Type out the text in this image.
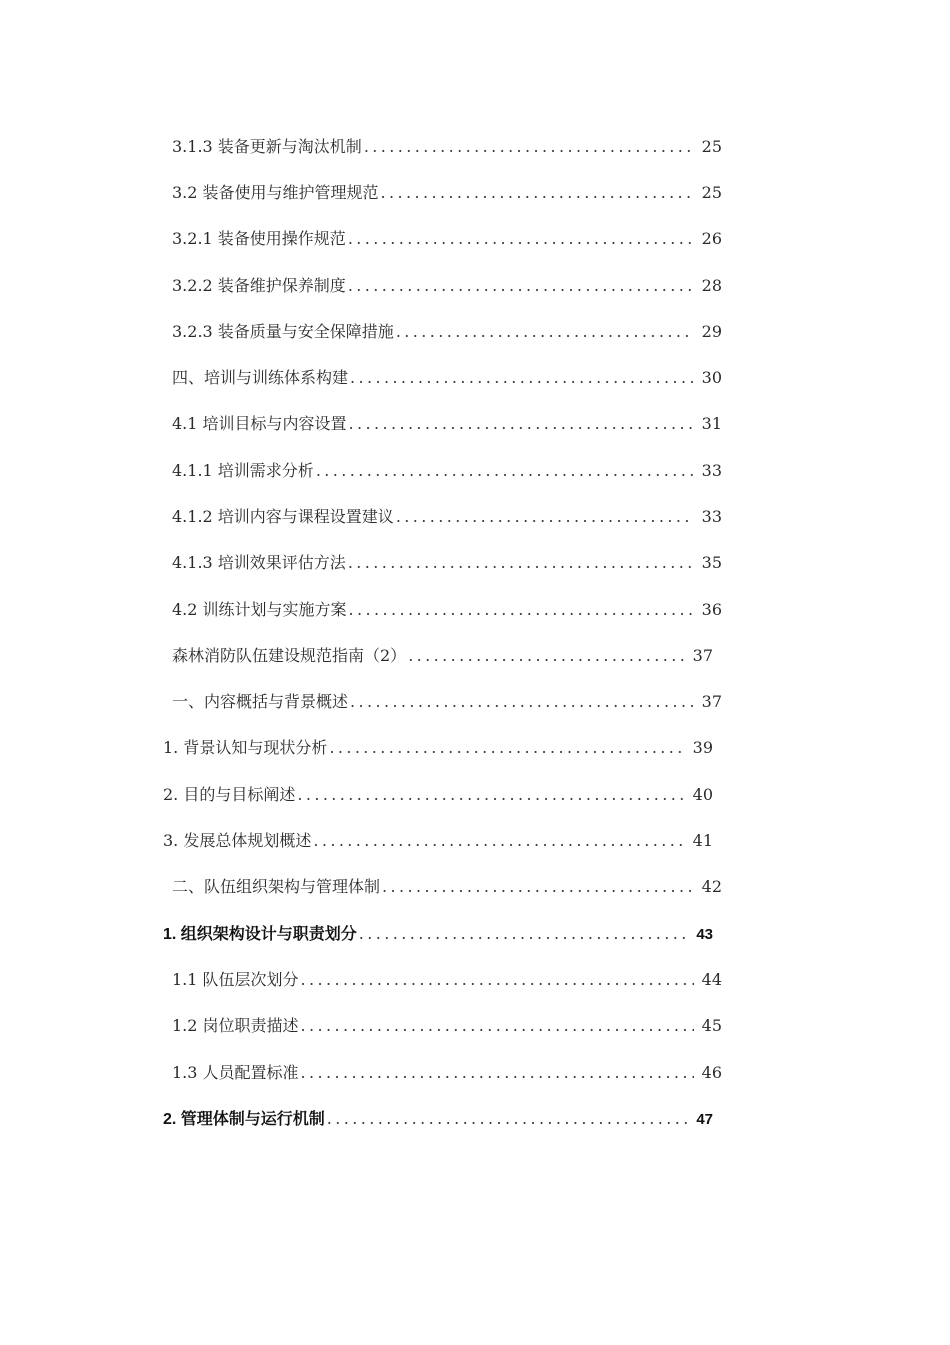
3.1.3 装备更新与淘汰机制 .....	25
3.2 装备使用与维护管理规范 .....	25
3.2.1 装备使用操作规范 .....	26
3.2.2 装备维护保养制度 .....	28
3.2.3 装备质量与安全保障措施 .....	29
四、培训与训练体系构建 .....	30
4.1 培训目标与内容设置 .....	31
4.1.1 培训需求分析 .....	33
4.1.2 培训内容与课程设置建议 .....	33
4.1.3 培训效果评估方法 .....	35
4.2 训练计划与实施方案 .....	36
森林消防队伍建设规范指南（2） .....	37
一、内容概括与背景概述 .....	37
1. 背景认知与现状分析 .....	39
2. 目的与目标阐述 .....	40
3. 发展总体规划概述 .....	41
二、队伍组织架构与管理体制 .....	42
1. 组织架构设计与职责划分 .....	43
1.1 队伍层次划分 .....	44
1.2 岗位职责描述 .....	45
1.3 人员配置标准 .....	46
2. 管理体制与运行机制 .....	47
